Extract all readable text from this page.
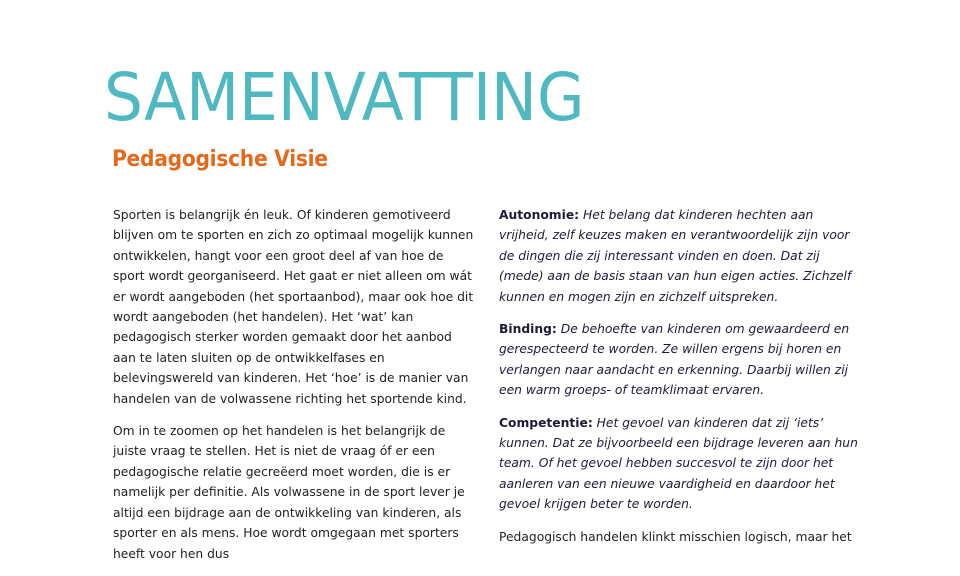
SAMENVATTING
Pedagogische Visie

Sporten is belangrijk én leuk. Of kinderen gemotiveerd blijven om te sporten en zich zo optimaal mogelijk kunnen ontwikkelen, hangt voor een groot deel af van hoe de sport wordt georganiseerd. Het gaat er niet alleen om wát er wordt aangeboden (het sportaanbod), maar ook hoe dit wordt aangeboden (het handelen). Het ‘wat’ kan pedagogisch sterker worden gemaakt door het aanbod aan te laten sluiten op de ontwikkelfases en belevingswereld van kinderen. Het ‘hoe’ is de manier van handelen van de volwassene richting het sportende kind.

Om in te zoomen op het handelen is het belangrijk de juiste vraag te stellen. Het is niet de vraag óf er een pedagogische relatie gecreëerd moet worden, die is er namelijk per definitie. Als volwassene in de sport lever je altijd een bijdrage aan de ontwikkeling van kinderen, als sporter en als mens. Hoe wordt omgegaan met sporters heeft voor hen dus

Autonomie: Het belang dat kinderen hechten aan vrijheid, zelf keuzes maken en verantwoordelijk zijn voor de dingen die zij interessant vinden en doen. Dat zij (mede) aan de basis staan van hun eigen acties. Zichzelf kunnen en mogen zijn en zichzelf uitspreken.

Binding: De behoefte van kinderen om gewaardeerd en gerespecteerd te worden. Ze willen ergens bij horen en verlangen naar aandacht en erkenning. Daarbij willen zij een warm groeps- of teamklimaat ervaren.

Competentie: Het gevoel van kinderen dat zij ‘iets’ kunnen. Dat ze bijvoorbeeld een bijdrage leveren aan hun team. Of het gevoel hebben succesvol te zijn door het aanleren van een nieuwe vaardigheid en daardoor het gevoel krijgen beter te worden.

Pedagogisch handelen klinkt misschien logisch, maar het
